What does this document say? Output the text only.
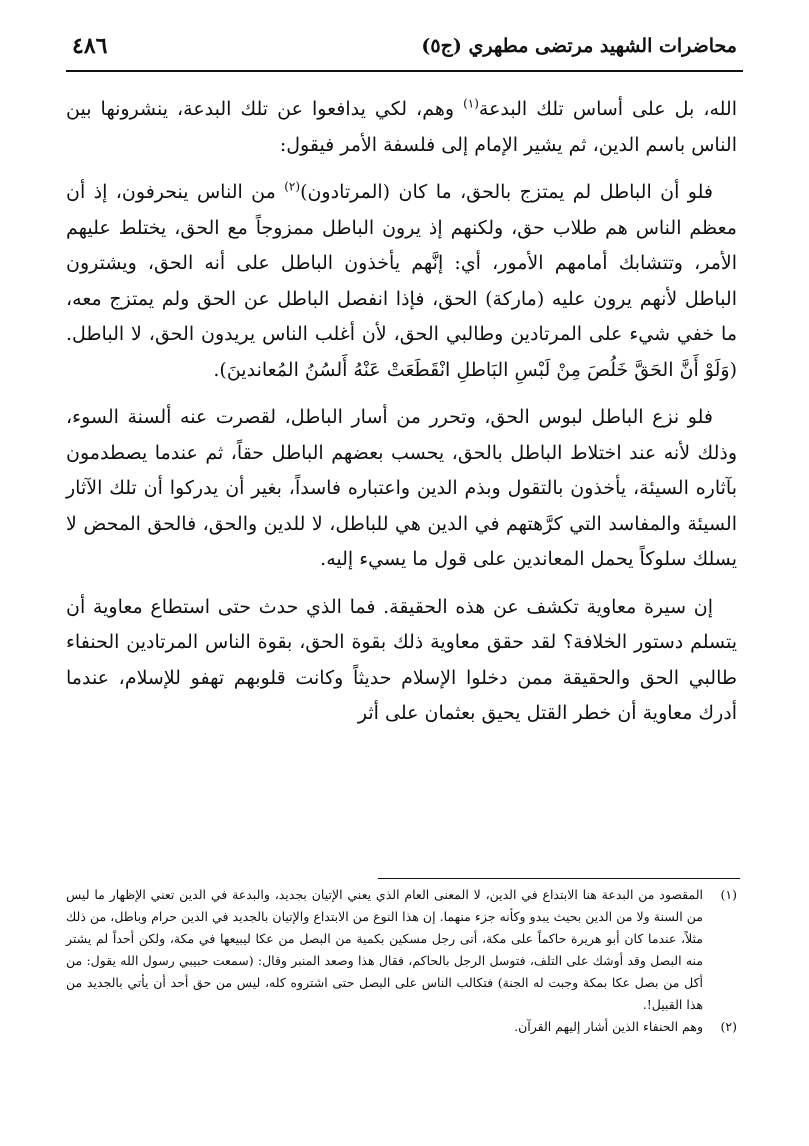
محاضرات الشهيد مرتضى مطهري (ج٥)
٤٨٦

الله، بل على أساس تلك البدعة$^{(١)}$ وهم، لكي يدافعوا عن تلك البدعة، ينشرونها بين الناس باسم الدين، ثم يشير الإمام إلى فلسفة الأمر فيقول:

فلو أن الباطل لم يمتزج بالحق، ما كان (المرتادون)$^{(٢)}$ من الناس ينحرفون، إذ أن معظم الناس هم طلاب حق، ولكنهم إذ يرون الباطل ممزوجاً مع الحق، يختلط عليهم الأمر، وتتشابك أمامهم الأمور، أي: إنَّهم يأخذون الباطل على أنه الحق، ويشترون الباطل لأنهم يرون عليه (ماركة) الحق، فإذا انفصل الباطل عن الحق ولم يمتزج معه، ما خفي شيء على المرتادين وطالبي الحق، لأن أغلب الناس يريدون الحق، لا الباطل. (وَلَوْ أَنَّ الحَقَّ خَلُصَ مِنْ لَبْسِ البَاطلِ انْقَطَعَتْ عَنْهُ أَلسُنُ المُعاندينَ).

فلو نزع الباطل لبوس الحق، وتحرر من أسار الباطل، لقصرت عنه ألسنة السوء، وذلك لأنه عند اختلاط الباطل بالحق، يحسب بعضهم الباطل حقاً، ثم عندما يصطدمون بآثاره السيئة، يأخذون بالتقول وبذم الدين واعتباره فاسداً، بغير أن يدركوا أن تلك الآثار السيئة والمفاسد التي كرَّهتهم في الدين هي للباطل، لا للدين والحق، فالحق المحض لا يسلك سلوكاً يحمل المعاندين على قول ما يسيء إليه.

إن سيرة معاوية تكشف عن هذه الحقيقة. فما الذي حدث حتى استطاع معاوية أن يتسلم دستور الخلافة؟ لقد حقق معاوية ذلك بقوة الحق، بقوة الناس المرتادين الحنفاء طالبي الحق والحقيقة ممن دخلوا الإسلام حديثاً وكانت قلوبهم تهفو للإسلام، عندما أدرك معاوية أن خطر القتل يحيق بعثمان على أثر

(١)
المقصود من البدعة هنا الابتداع في الدين، لا المعنى العام الذي يعني الإتيان بجديد، والبدعة في الدين تعني الإظهار ما ليس من السنة ولا من الدين بحيث يبدو وكأنه جزء منهما. إن هذا النوع من الابتداع والإتيان بالجديد في الدين حرام وباطل، من ذلك مثلاً، عندما كان أبو هريرة حاكماً على مكة، أتى رجل مسكين بكمية من البصل من عكا ليبيعها في مكة، ولكن أحداً لم يشتر منه البصل وقد أوشك على التلف، فتوسل الرجل بالحاكم، فقال هذا وصعد المنبر وقال: (سمعت حبيبي رسول الله يقول: من أكل من بصل عكا بمكة وجبت له الجنة) فتكالب الناس على البصل حتى اشتروه كله، ليس من حق أحد أن يأتي بالجديد من هذا القبيل!.
(٢)
وهم الحنفاء الذين أشار إليهم القرآن.
